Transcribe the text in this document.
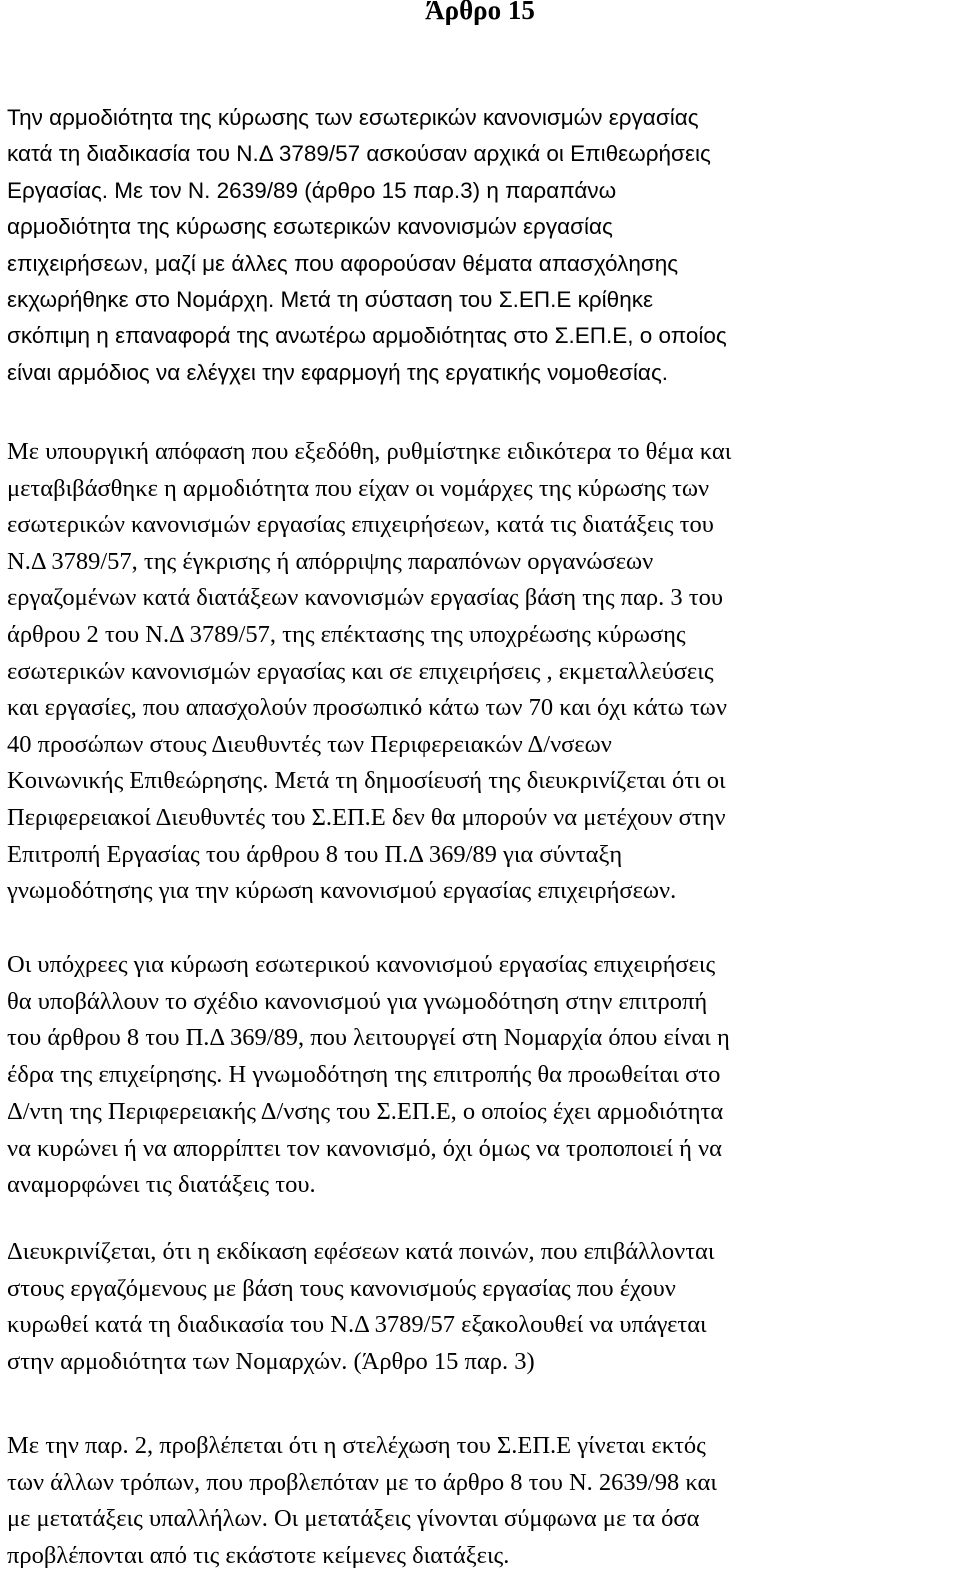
Άρθρο 15
Την αρμοδιότητα της κύρωσης των εσωτερικών κανονισμών εργασίας
κατά τη διαδικασία του Ν.Δ 3789/57 ασκούσαν αρχικά οι Επιθεωρήσεις
Εργασίας. Με τον Ν. 2639/89 (άρθρο 15 παρ.3) η παραπάνω
αρμοδιότητα της κύρωσης εσωτερικών κανονισμών εργασίας
επιχειρήσεων, μαζί με άλλες που αφορούσαν θέματα απασχόλησης
εκχωρήθηκε στο Νομάρχη. Μετά τη σύσταση του Σ.ΕΠ.Ε κρίθηκε
σκόπιμη η επαναφορά της ανωτέρω αρμοδιότητας στο Σ.ΕΠ.Ε, ο οποίος
είναι αρμόδιος να ελέγχει την εφαρμογή της εργατικής νομοθεσίας.
Με υπουργική απόφαση που εξεδόθη, ρυθμίστηκε ειδικότερα το θέμα και
μεταβιβάσθηκε η αρμοδιότητα που είχαν οι νομάρχες της κύρωσης των
εσωτερικών κανονισμών εργασίας επιχειρήσεων, κατά τις διατάξεις του
Ν.Δ 3789/57, της έγκρισης ή απόρριψης παραπόνων οργανώσεων
εργαζομένων κατά διατάξεων κανονισμών εργασίας βάση της παρ. 3 του
άρθρου 2 του Ν.Δ 3789/57, της επέκτασης της υποχρέωσης κύρωσης
εσωτερικών κανονισμών εργασίας και σε επιχειρήσεις , εκμεταλλεύσεις
και εργασίες, που απασχολούν προσωπικό κάτω των 70 και όχι κάτω των
40 προσώπων στους Διευθυντές των Περιφερειακών Δ/νσεων
Κοινωνικής Επιθεώρησης. Μετά τη δημοσίευσή της διευκρινίζεται ότι οι
Περιφερειακοί Διευθυντές του Σ.ΕΠ.Ε δεν θα μπορούν να μετέχουν στην
Επιτροπή Εργασίας του άρθρου 8 του Π.Δ 369/89 για σύνταξη
γνωμοδότησης για την κύρωση κανονισμού εργασίας επιχειρήσεων.
Οι υπόχρεες για κύρωση εσωτερικού κανονισμού εργασίας επιχειρήσεις
θα υποβάλλουν το σχέδιο κανονισμού για γνωμοδότηση στην επιτροπή
του άρθρου 8 του Π.Δ 369/89, που λειτουργεί στη Νομαρχία όπου είναι η
έδρα της επιχείρησης. Η γνωμοδότηση της επιτροπής θα προωθείται στο
Δ/ντη της Περιφερειακής Δ/νσης του Σ.ΕΠ.Ε, ο οποίος έχει αρμοδιότητα
να κυρώνει ή να απορρίπτει τον κανονισμό, όχι όμως να τροποποιεί ή να
αναμορφώνει τις διατάξεις του.
Διευκρινίζεται, ότι η εκδίκαση εφέσεων κατά ποινών, που επιβάλλονται
στους εργαζόμενους με βάση τους κανονισμούς εργασίας που έχουν
κυρωθεί κατά τη διαδικασία του Ν.Δ 3789/57 εξακολουθεί να υπάγεται
στην αρμοδιότητα των Νομαρχών. (Άρθρο 15 παρ. 3)
Με την παρ. 2, προβλέπεται ότι η στελέχωση του Σ.ΕΠ.Ε γίνεται εκτός
των άλλων τρόπων, που προβλεπόταν με το άρθρο 8 του Ν. 2639/98 και
με μετατάξεις υπαλλήλων. Οι μετατάξεις γίνονται σύμφωνα με τα όσα
προβλέπονται από τις εκάστοτε κείμενες διατάξεις.
